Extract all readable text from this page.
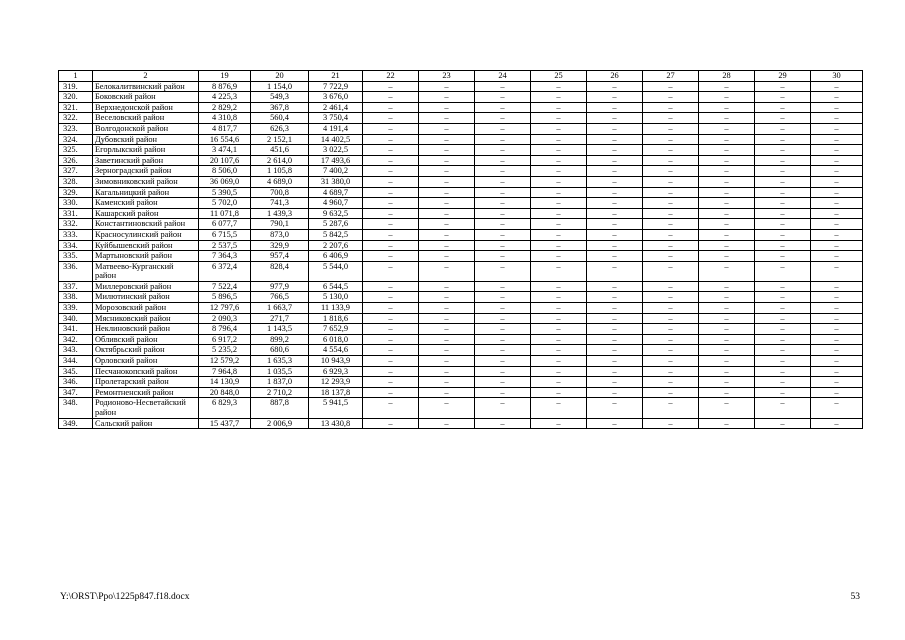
1	2	19	20	21	22	23	24	25	26	27	28	29	30
319.	Белокалитвинский район	8 876,9	1 154,0	7 722,9	–	–	–	–	–	–	–	–	–
320.	Боковский район	4 225,3	549,3	3 676,0	–	–	–	–	–	–	–	–	–
321.	Верхнедонской район	2 829,2	367,8	2 461,4	–	–	–	–	–	–	–	–	–
322.	Веселовский район	4 310,8	560,4	3 750,4	–	–	–	–	–	–	–	–	–
323.	Волгодонской район	4 817,7	626,3	4 191,4	–	–	–	–	–	–	–	–	–
324.	Дубовский район	16 554,6	2 152,1	14 402,5	–	–	–	–	–	–	–	–	–
325.	Егорлыкский район	3 474,1	451,6	3 022,5	–	–	–	–	–	–	–	–	–
326.	Заветинский район	20 107,6	2 614,0	17 493,6	–	–	–	–	–	–	–	–	–
327.	Зерноградский район	8 506,0	1 105,8	7 400,2	–	–	–	–	–	–	–	–	–
328.	Зимовниковский район	36 069,0	4 689,0	31 380,0	–	–	–	–	–	–	–	–	–
329.	Кагальницкий район	5 390,5	700,8	4 689,7	–	–	–	–	–	–	–	–	–
330.	Каменский район	5 702,0	741,3	4 960,7	–	–	–	–	–	–	–	–	–
331.	Кашарский район	11 071,8	1 439,3	9 632,5	–	–	–	–	–	–	–	–	–
332.	Константиновский район	6 077,7	790,1	5 287,6	–	–	–	–	–	–	–	–	–
333.	Красносулинский район	6 715,5	873,0	5 842,5	–	–	–	–	–	–	–	–	–
334.	Куйбышевский район	2 537,5	329,9	2 207,6	–	–	–	–	–	–	–	–	–
335.	Мартыновский район	7 364,3	957,4	6 406,9	–	–	–	–	–	–	–	–	–
336.	Матвеево-Курганский район	6 372,4	828,4	5 544,0	–	–	–	–	–	–	–	–	–
337.	Миллеровский район	7 522,4	977,9	6 544,5	–	–	–	–	–	–	–	–	–
338.	Милютинский район	5 896,5	766,5	5 130,0	–	–	–	–	–	–	–	–	–
339.	Морозовский район	12 797,6	1 663,7	11 133,9	–	–	–	–	–	–	–	–	–
340.	Мясниковский район	2 090,3	271,7	1 818,6	–	–	–	–	–	–	–	–	–
341.	Неклиновский район	8 796,4	1 143,5	7 652,9	–	–	–	–	–	–	–	–	–
342.	Обливский район	6 917,2	899,2	6 018,0	–	–	–	–	–	–	–	–	–
343.	Октябрьский район	5 235,2	680,6	4 554,6	–	–	–	–	–	–	–	–	–
344.	Орловский район	12 579,2	1 635,3	10 943,9	–	–	–	–	–	–	–	–	–
345.	Песчанокопский район	7 964,8	1 035,5	6 929,3	–	–	–	–	–	–	–	–	–
346.	Пролетарский район	14 130,9	1 837,0	12 293,9	–	–	–	–	–	–	–	–	–
347.	Ремонтненский район	20 848,0	2 710,2	18 137,8	–	–	–	–	–	–	–	–	–
348.	Родионово-Несветайский район	6 829,3	887,8	5 941,5	–	–	–	–	–	–	–	–	–
349.	Сальский район	15 437,7	2 006,9	13 430,8	–	–	–	–	–	–	–	–	–
Y:\ORST\Ppo\1225p847.f18.docx	53
